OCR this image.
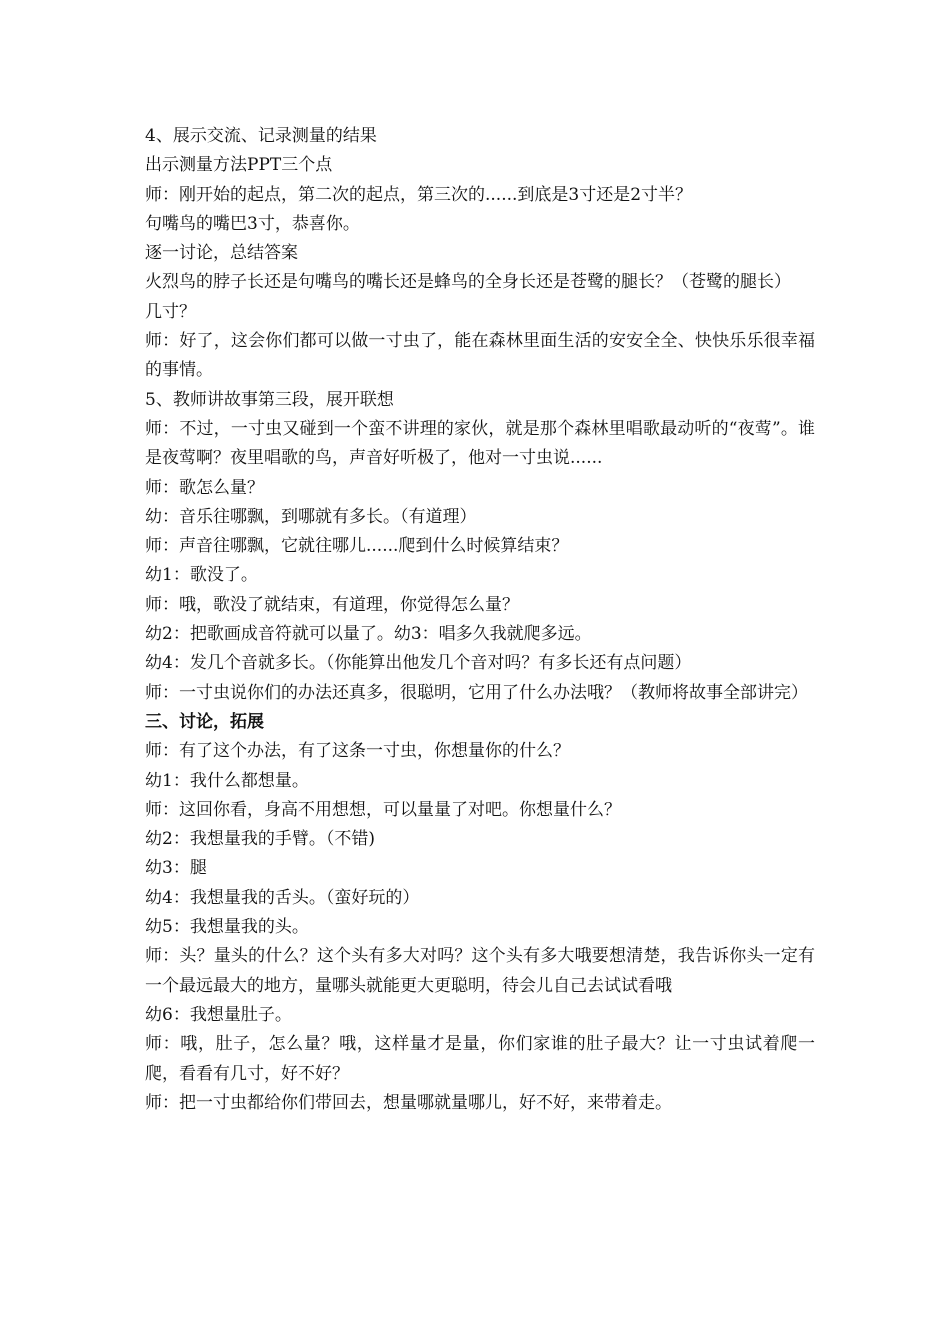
4、展示交流、记录测量的结果

出示测量方法PPT三个点

师：刚开始的起点，第二次的起点，第三次的......到底是3寸还是2寸半？

句嘴鸟的嘴巴3寸，恭喜你。

逐一讨论，总结答案

火烈鸟的脖子长还是句嘴鸟的嘴长还是蜂鸟的全身长还是苍鹭的腿长？（苍鹭的腿长）

几寸？

师：好了，这会你们都可以做一寸虫了，能在森林里面生活的安安全全、快快乐乐很幸福的事情。

5、教师讲故事第三段，展开联想

师：不过，一寸虫又碰到一个蛮不讲理的家伙，就是那个森林里唱歌最动听的“夜莺”。谁是夜莺啊？夜里唱歌的鸟，声音好听极了，他对一寸虫说......

师：歌怎么量？

幼：音乐往哪飘，到哪就有多长。（有道理）

师：声音往哪飘，它就往哪儿......爬到什么时候算结束？

幼1：歌没了。

师：哦，歌没了就结束，有道理，你觉得怎么量？

幼2：把歌画成音符就可以量了。幼3：唱多久我就爬多远。

幼4：发几个音就多长。（你能算出他发几个音对吗？有多长还有点问题）

师：一寸虫说你们的办法还真多，很聪明，它用了什么办法哦？（教师将故事全部讲完）

三、讨论，拓展

师：有了这个办法，有了这条一寸虫，你想量你的什么？

幼1：我什么都想量。

师：这回你看，身高不用想想，可以量量了对吧。你想量什么？

幼2：我想量我的手臂。（不错)

幼3：腿

幼4：我想量我的舌头。（蛮好玩的）

幼5：我想量我的头。

师：头？量头的什么？这个头有多大对吗？这个头有多大哦要想清楚，我告诉你头一定有一个最远最大的地方，量哪头就能更大更聪明，待会儿自己去试试看哦

幼6：我想量肚子。

师：哦，肚子，怎么量？哦，这样量才是量，你们家谁的肚子最大？让一寸虫试着爬一爬，看看有几寸，好不好？

师：把一寸虫都给你们带回去，想量哪就量哪儿，好不好，来带着走。
